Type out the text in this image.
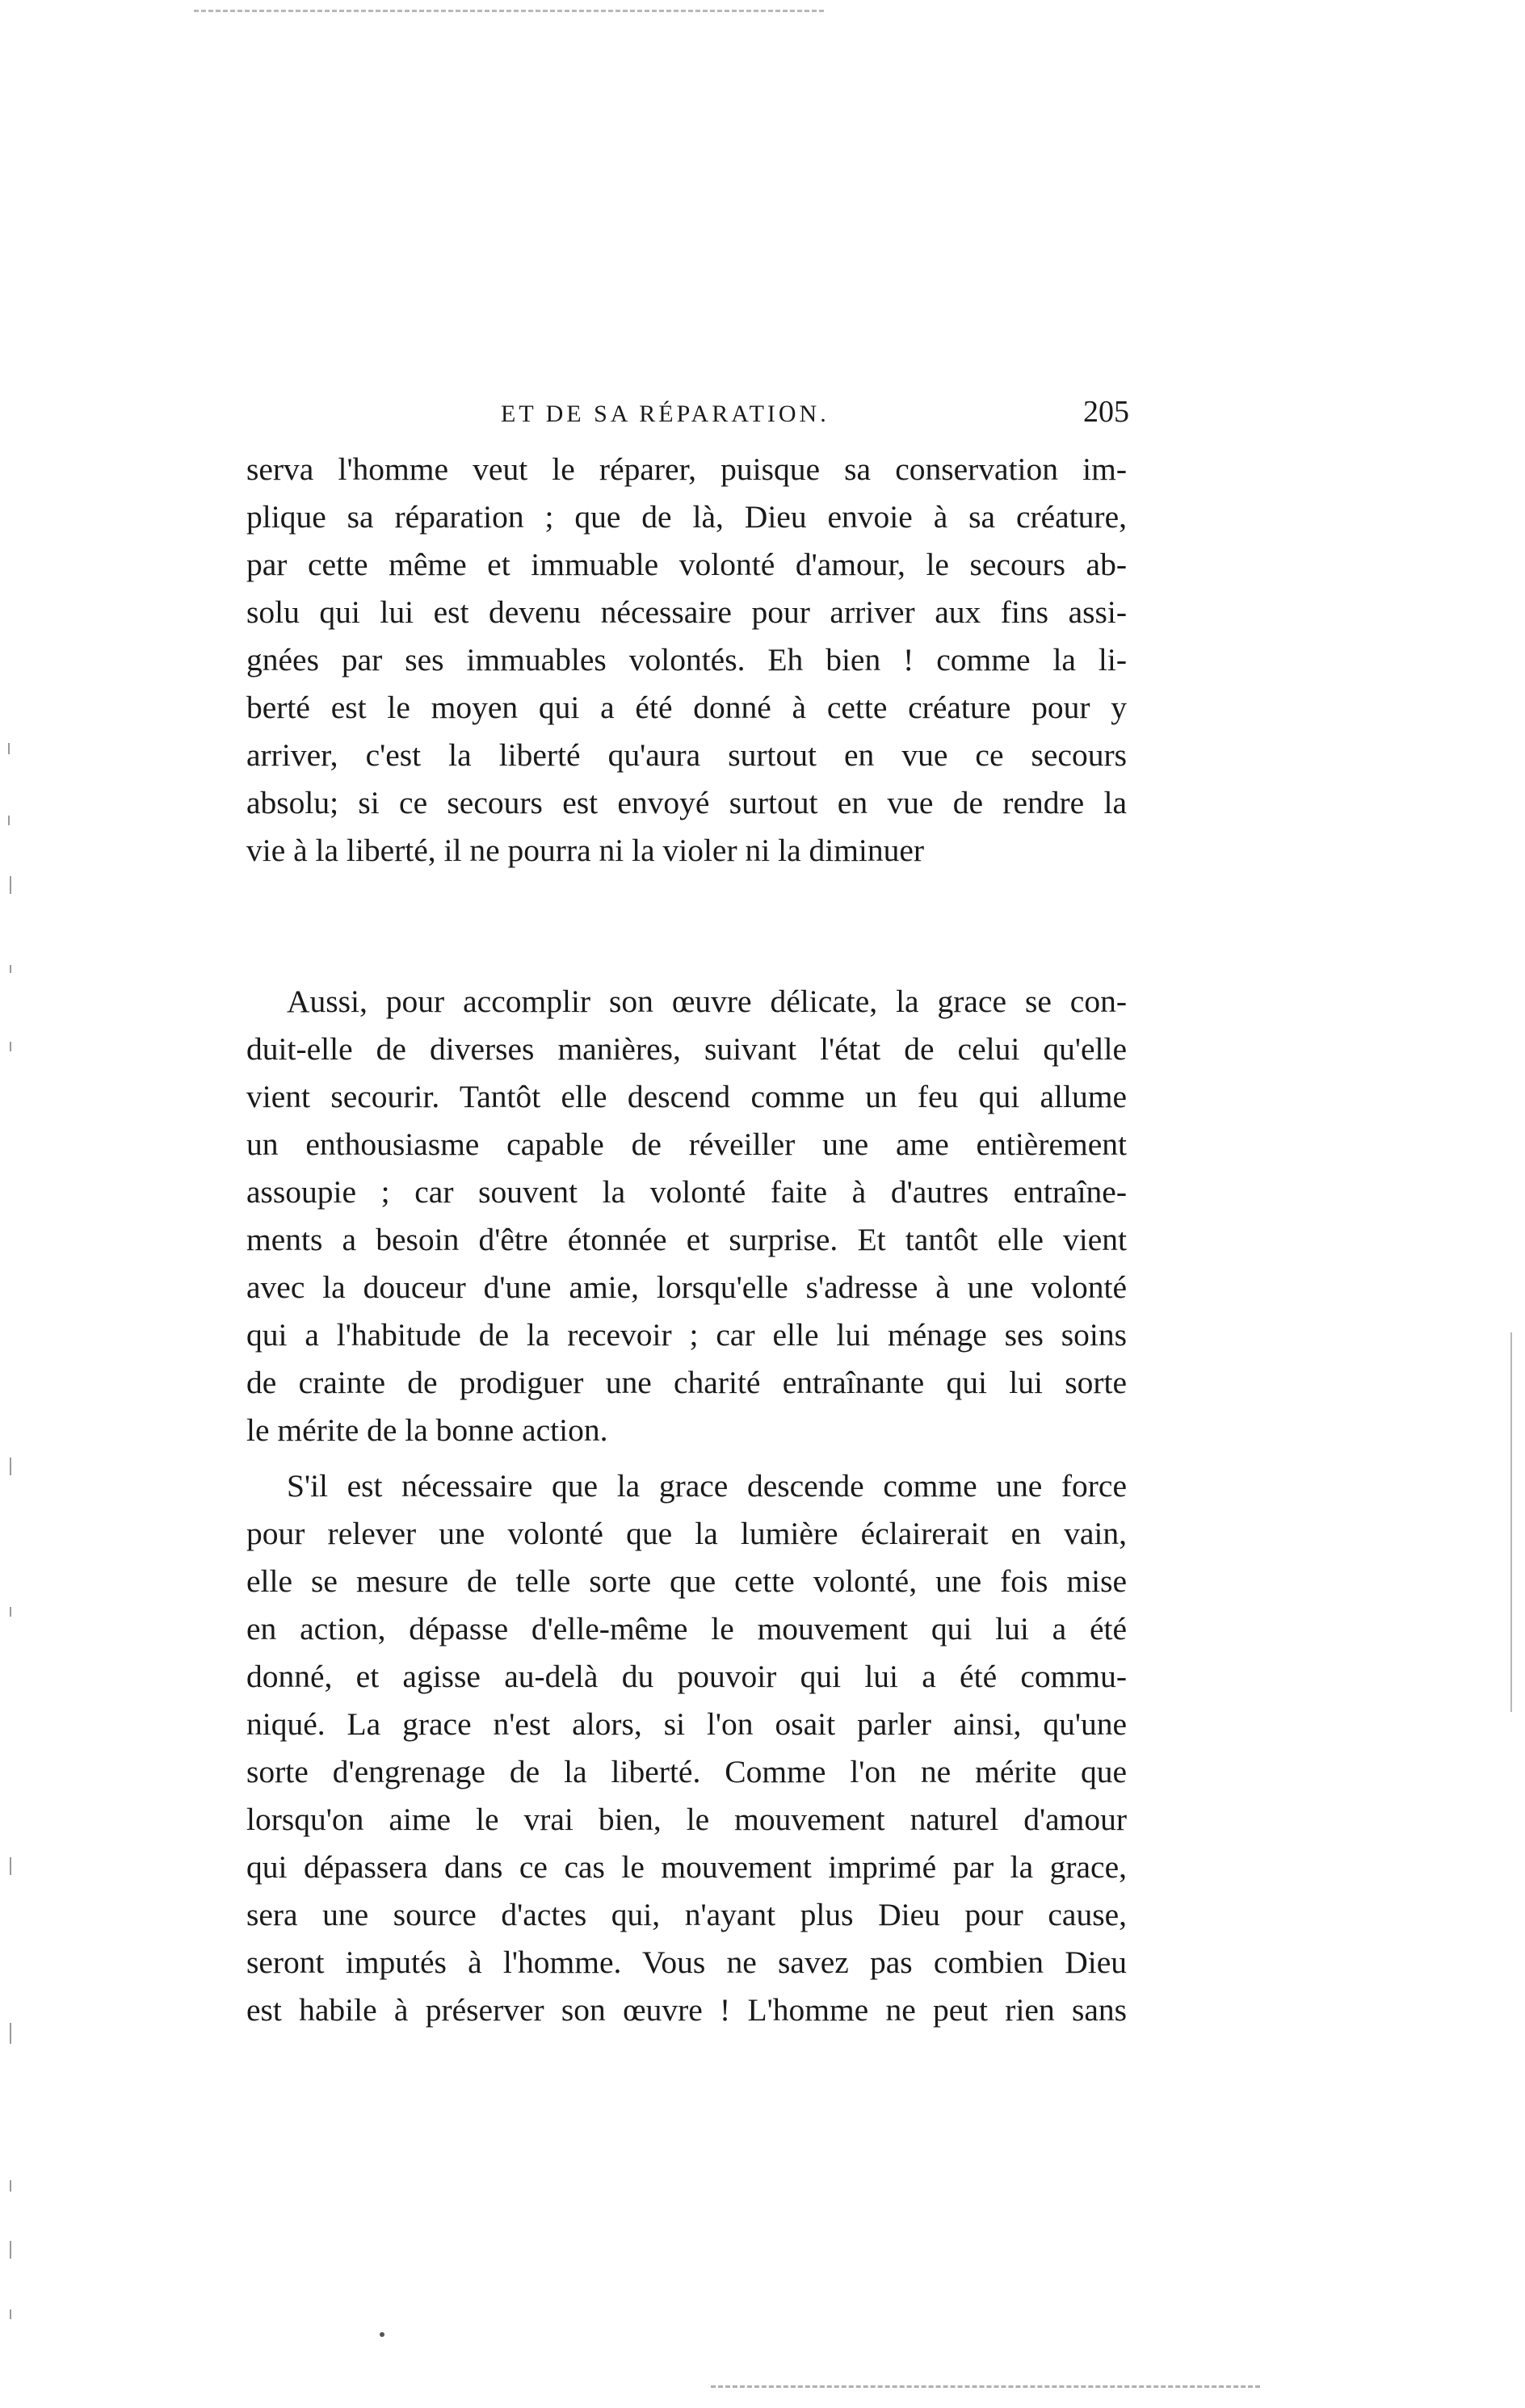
ET DE SA RÉPARATION.	205
serva l'homme veut le réparer, puisque sa conservation im-
plique sa réparation ; que de là, Dieu envoie à sa créature,
par cette même et immuable volonté d'amour, le secours ab-
solu qui lui est devenu nécessaire pour arriver aux fins assi-
gnées par ses immuables volontés. Eh bien ! comme la li-
berté est le moyen qui a été donné à cette créature pour y
arriver, c'est la liberté qu'aura surtout en vue ce secours
absolu; si ce secours est envoyé surtout en vue de rendre la
vie à la liberté, il ne pourra ni la violer ni la diminuer
Aussi, pour accomplir son œuvre délicate, la grace se con-
duit-elle de diverses manières, suivant l'état de celui qu'elle
vient secourir. Tantôt elle descend comme un feu qui allume
un enthousiasme capable de réveiller une ame entièrement
assoupie ; car souvent la volonté faite à d'autres entraîne-
ments a besoin d'être étonnée et surprise. Et tantôt elle vient
avec la douceur d'une amie, lorsqu'elle s'adresse à une volonté
qui a l'habitude de la recevoir ; car elle lui ménage ses soins
de crainte de prodiguer une charité entraînante qui lui sorte
le mérite de la bonne action.
S'il est nécessaire que la grace descende comme une force
pour relever une volonté que la lumière éclairerait en vain,
elle se mesure de telle sorte que cette volonté, une fois mise
en action, dépasse d'elle-même le mouvement qui lui a été
donné, et agisse au-delà du pouvoir qui lui a été commu-
niqué. La grace n'est alors, si l'on osait parler ainsi, qu'une
sorte d'engrenage de la liberté. Comme l'on ne mérite que
lorsqu'on aime le vrai bien, le mouvement naturel d'amour
qui dépassera dans ce cas le mouvement imprimé par la grace,
sera une source d'actes qui, n'ayant plus Dieu pour cause,
seront imputés à l'homme. Vous ne savez pas combien Dieu
est habile à préserver son œuvre ! L'homme ne peut rien sans
